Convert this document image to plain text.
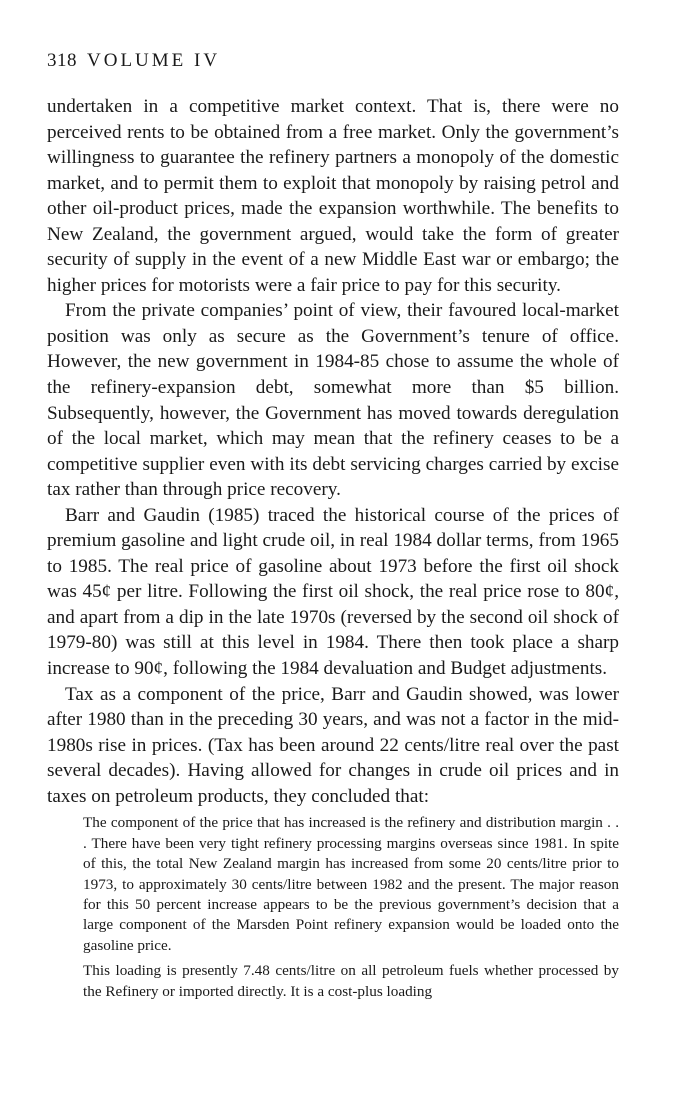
318 VOLUME IV

undertaken in a competitive market context. That is, there were no perceived rents to be obtained from a free market. Only the government’s willingness to guarantee the refinery partners a monopoly of the domestic market, and to permit them to exploit that monopoly by raising petrol and other oil-product prices, made the expansion worthwhile. The benefits to New Zealand, the government argued, would take the form of greater security of supply in the event of a new Middle East war or embargo; the higher prices for motorists were a fair price to pay for this security.

From the private companies’ point of view, their favoured local-market position was only as secure as the Government’s tenure of office. However, the new government in 1984-85 chose to assume the whole of the refinery-expansion debt, somewhat more than $5 billion. Subsequently, however, the Government has moved towards deregulation of the local market, which may mean that the refinery ceases to be a competitive supplier even with its debt servicing charges carried by excise tax rather than through price recovery.

Barr and Gaudin (1985) traced the historical course of the prices of premium gasoline and light crude oil, in real 1984 dollar terms, from 1965 to 1985. The real price of gasoline about 1973 before the first oil shock was 45¢ per litre. Following the first oil shock, the real price rose to 80¢, and apart from a dip in the late 1970s (reversed by the second oil shock of 1979-80) was still at this level in 1984. There then took place a sharp increase to 90¢, following the 1984 devaluation and Budget adjustments.

Tax as a component of the price, Barr and Gaudin showed, was lower after 1980 than in the preceding 30 years, and was not a factor in the mid-1980s rise in prices. (Tax has been around 22 cents/litre real over the past several decades). Having allowed for changes in crude oil prices and in taxes on petroleum products, they concluded that:

The component of the price that has increased is the refinery and distribution margin . . . There have been very tight refinery processing margins overseas since 1981. In spite of this, the total New Zealand margin has increased from some 20 cents/litre prior to 1973, to approximately 30 cents/litre between 1982 and the present. The major reason for this 50 percent increase appears to be the previous government’s decision that a large component of the Marsden Point refinery expansion would be loaded onto the gasoline price.

This loading is presently 7.48 cents/litre on all petroleum fuels whether processed by the Refinery or imported directly. It is a cost-plus loading
